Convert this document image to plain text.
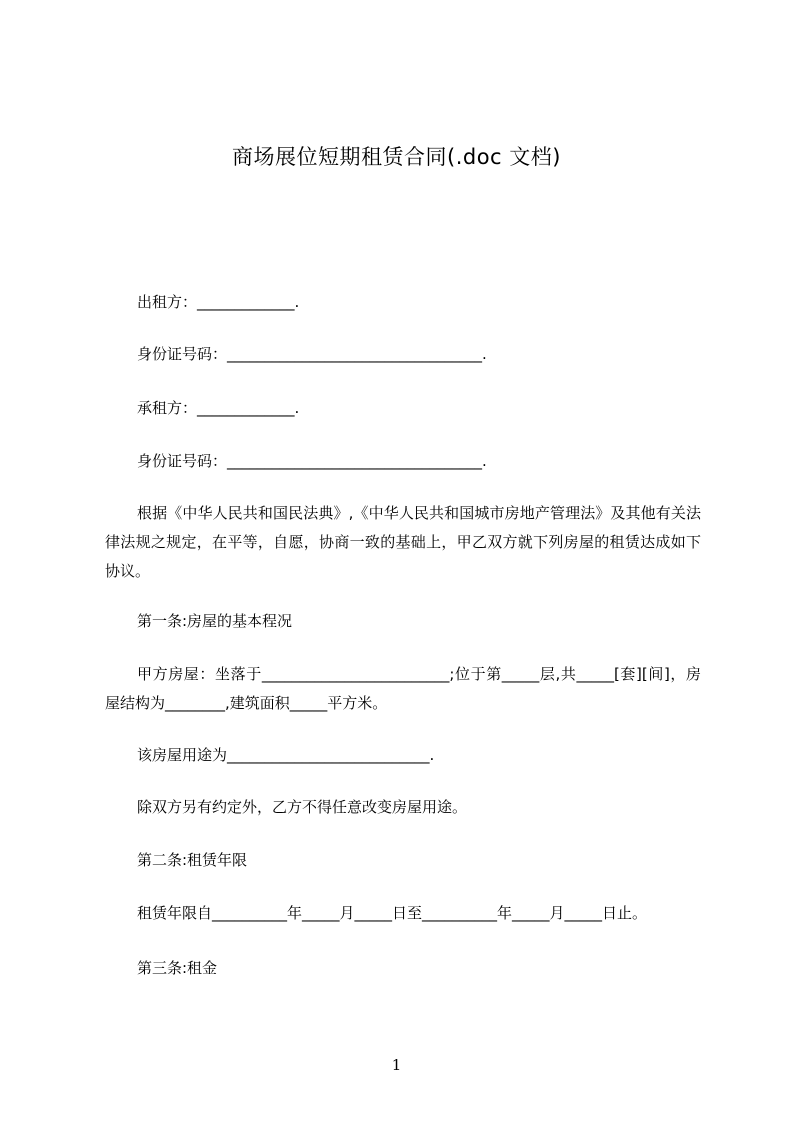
商场展位短期租赁合同(.doc 文档)

出租方：_____________.

身份证号码：__________________________________.

承租方：_____________.

身份证号码：__________________________________.

根据《中华人民共和国民法典》,《中华人民共和国城市房地产管理法》及其他有关法律法规之规定，在平等，自愿，协商一致的基础上，甲乙双方就下列房屋的租赁达成如下协议。

第一条:房屋的基本程况

甲方房屋：坐落于_________________________;位于第_____层,共_____[套][间]，房屋结构为________,建筑面积_____平方米。

该房屋用途为___________________________.

除双方另有约定外，乙方不得任意改变房屋用途。

第二条:租赁年限

租赁年限自__________年_____月_____日至__________年_____月_____日止。

第三条:租金

1
